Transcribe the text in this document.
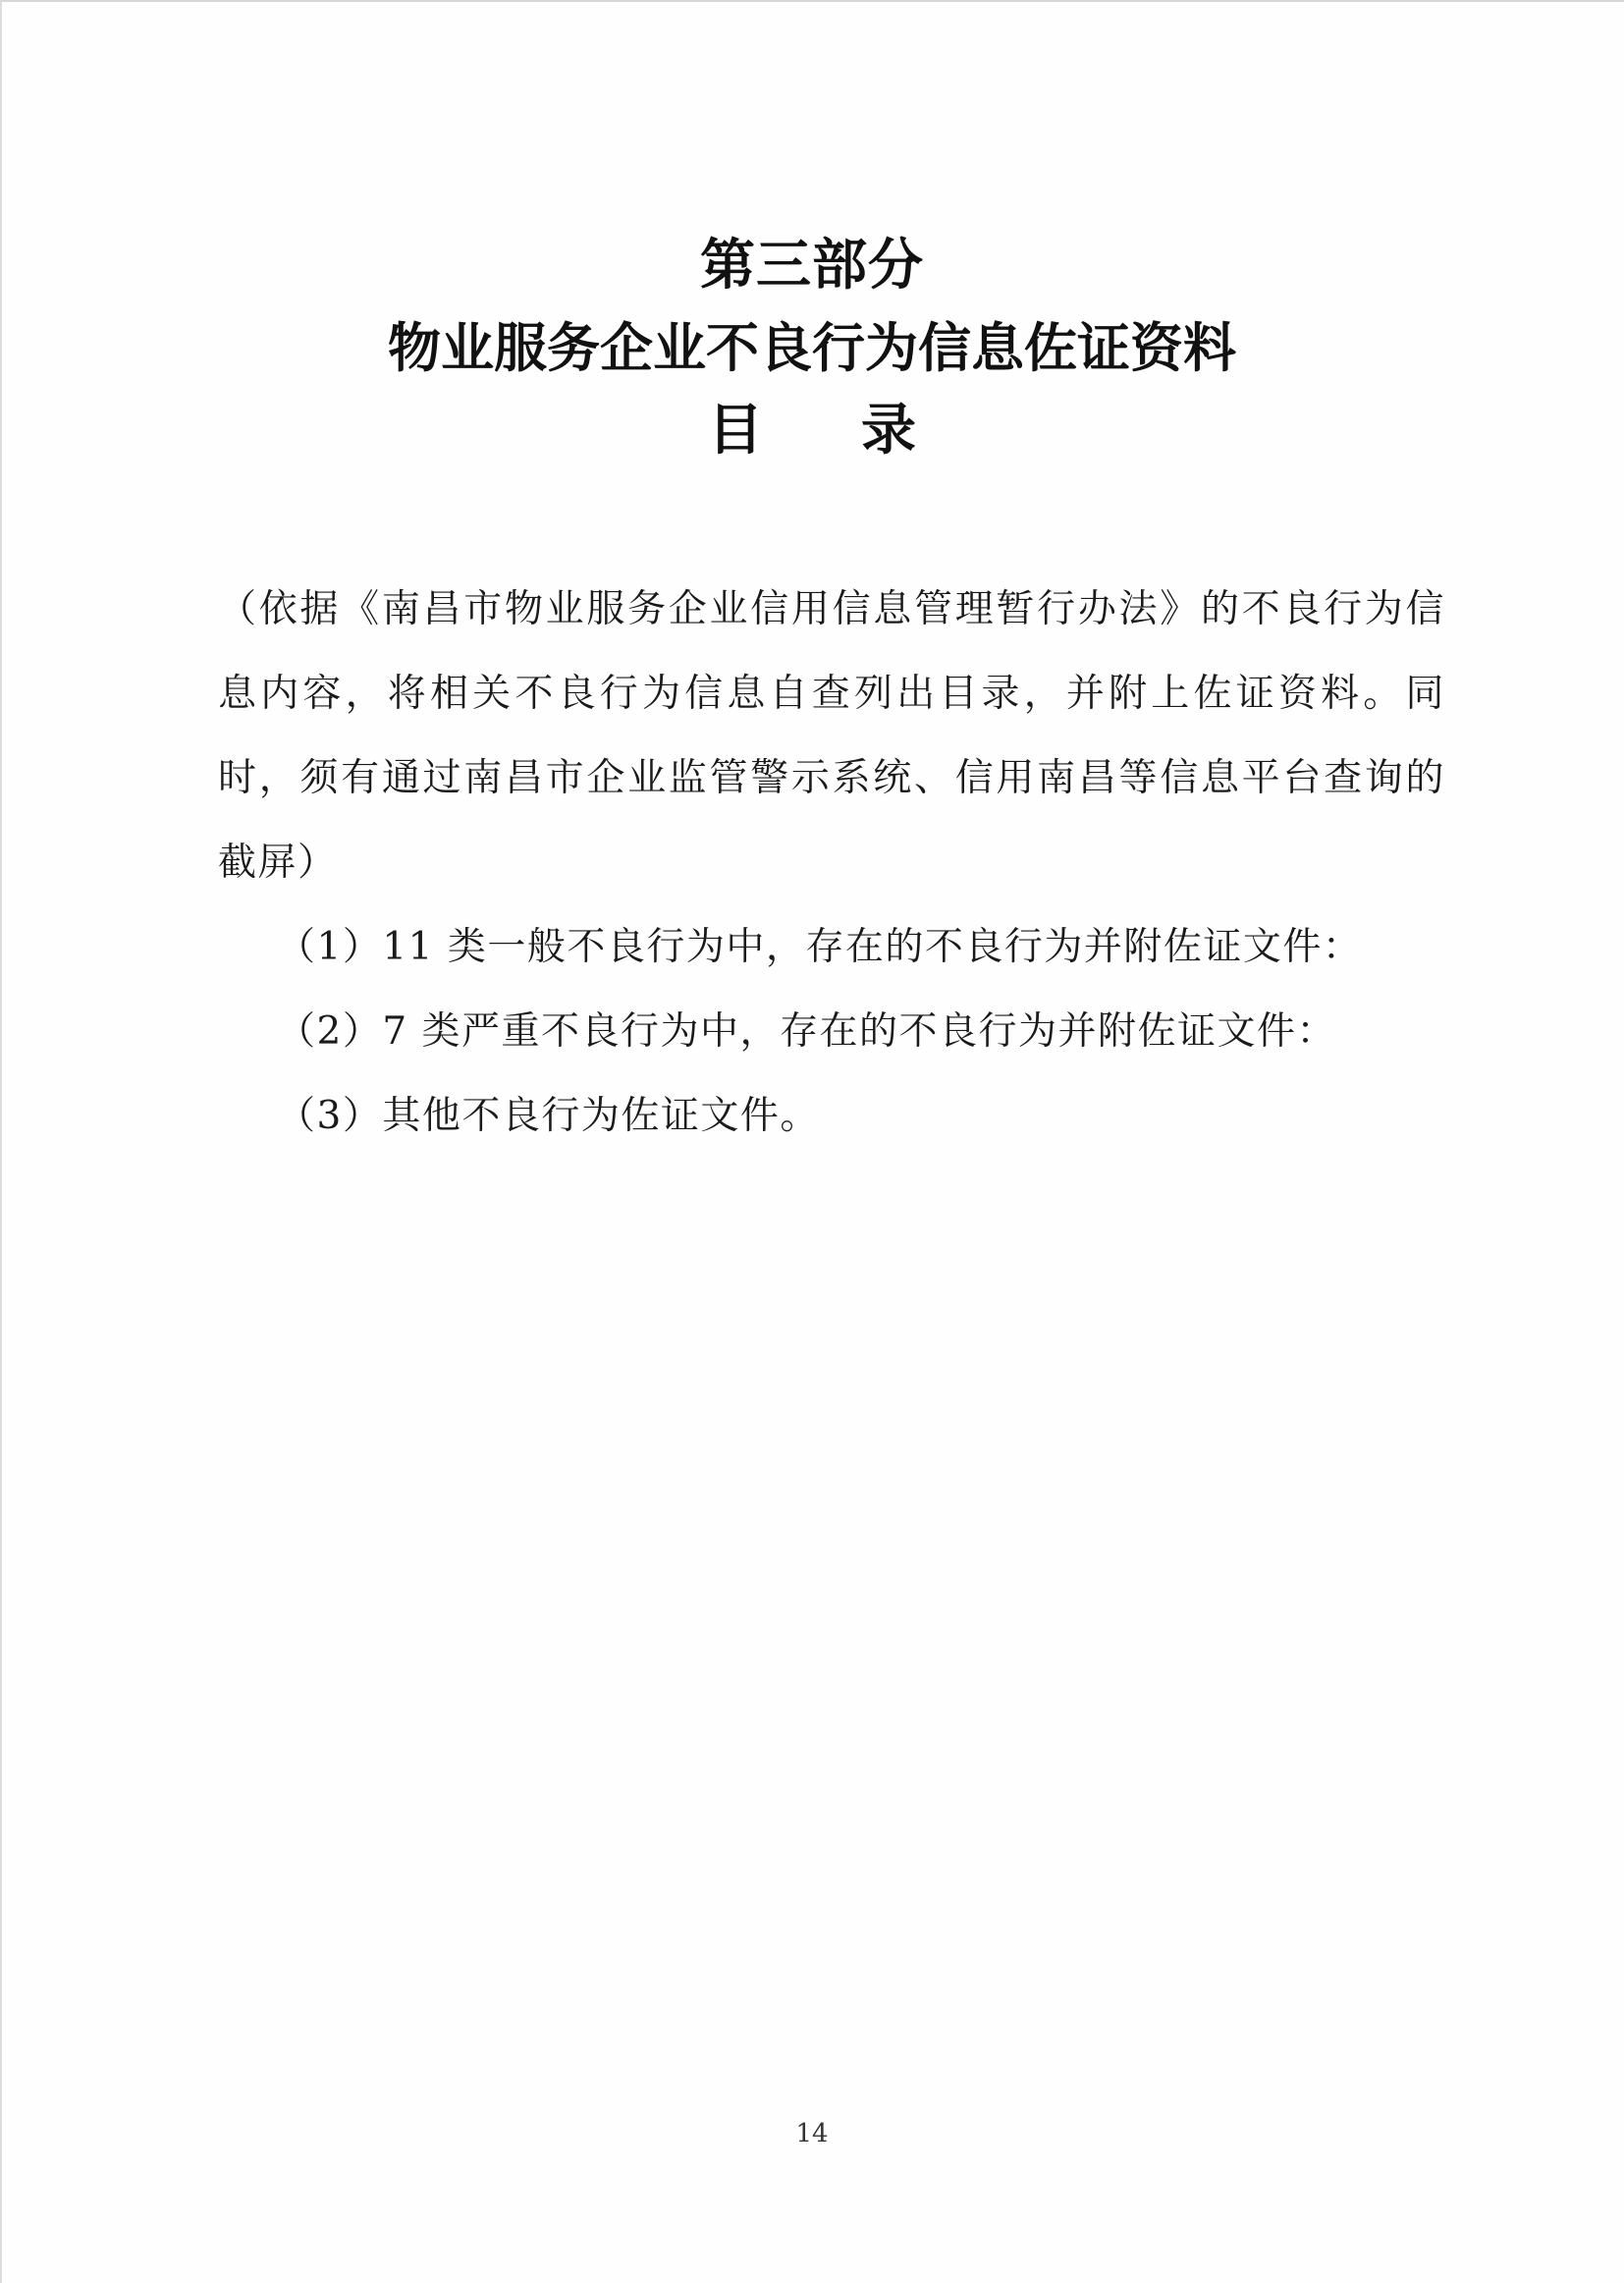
第三部分
物业服务企业不良行为信息佐证资料
目 录

（依据《南昌市物业服务企业信用信息管理暂行办法》的不良行为信息内容，将相关不良行为信息自查列出目录，并附上佐证资料。同时，须有通过南昌市企业监管警示系统、信用南昌等信息平台查询的截屏）

（1）11 类一般不良行为中，存在的不良行为并附佐证文件：

（2）7 类严重不良行为中，存在的不良行为并附佐证文件：

（3）其他不良行为佐证文件。

14
